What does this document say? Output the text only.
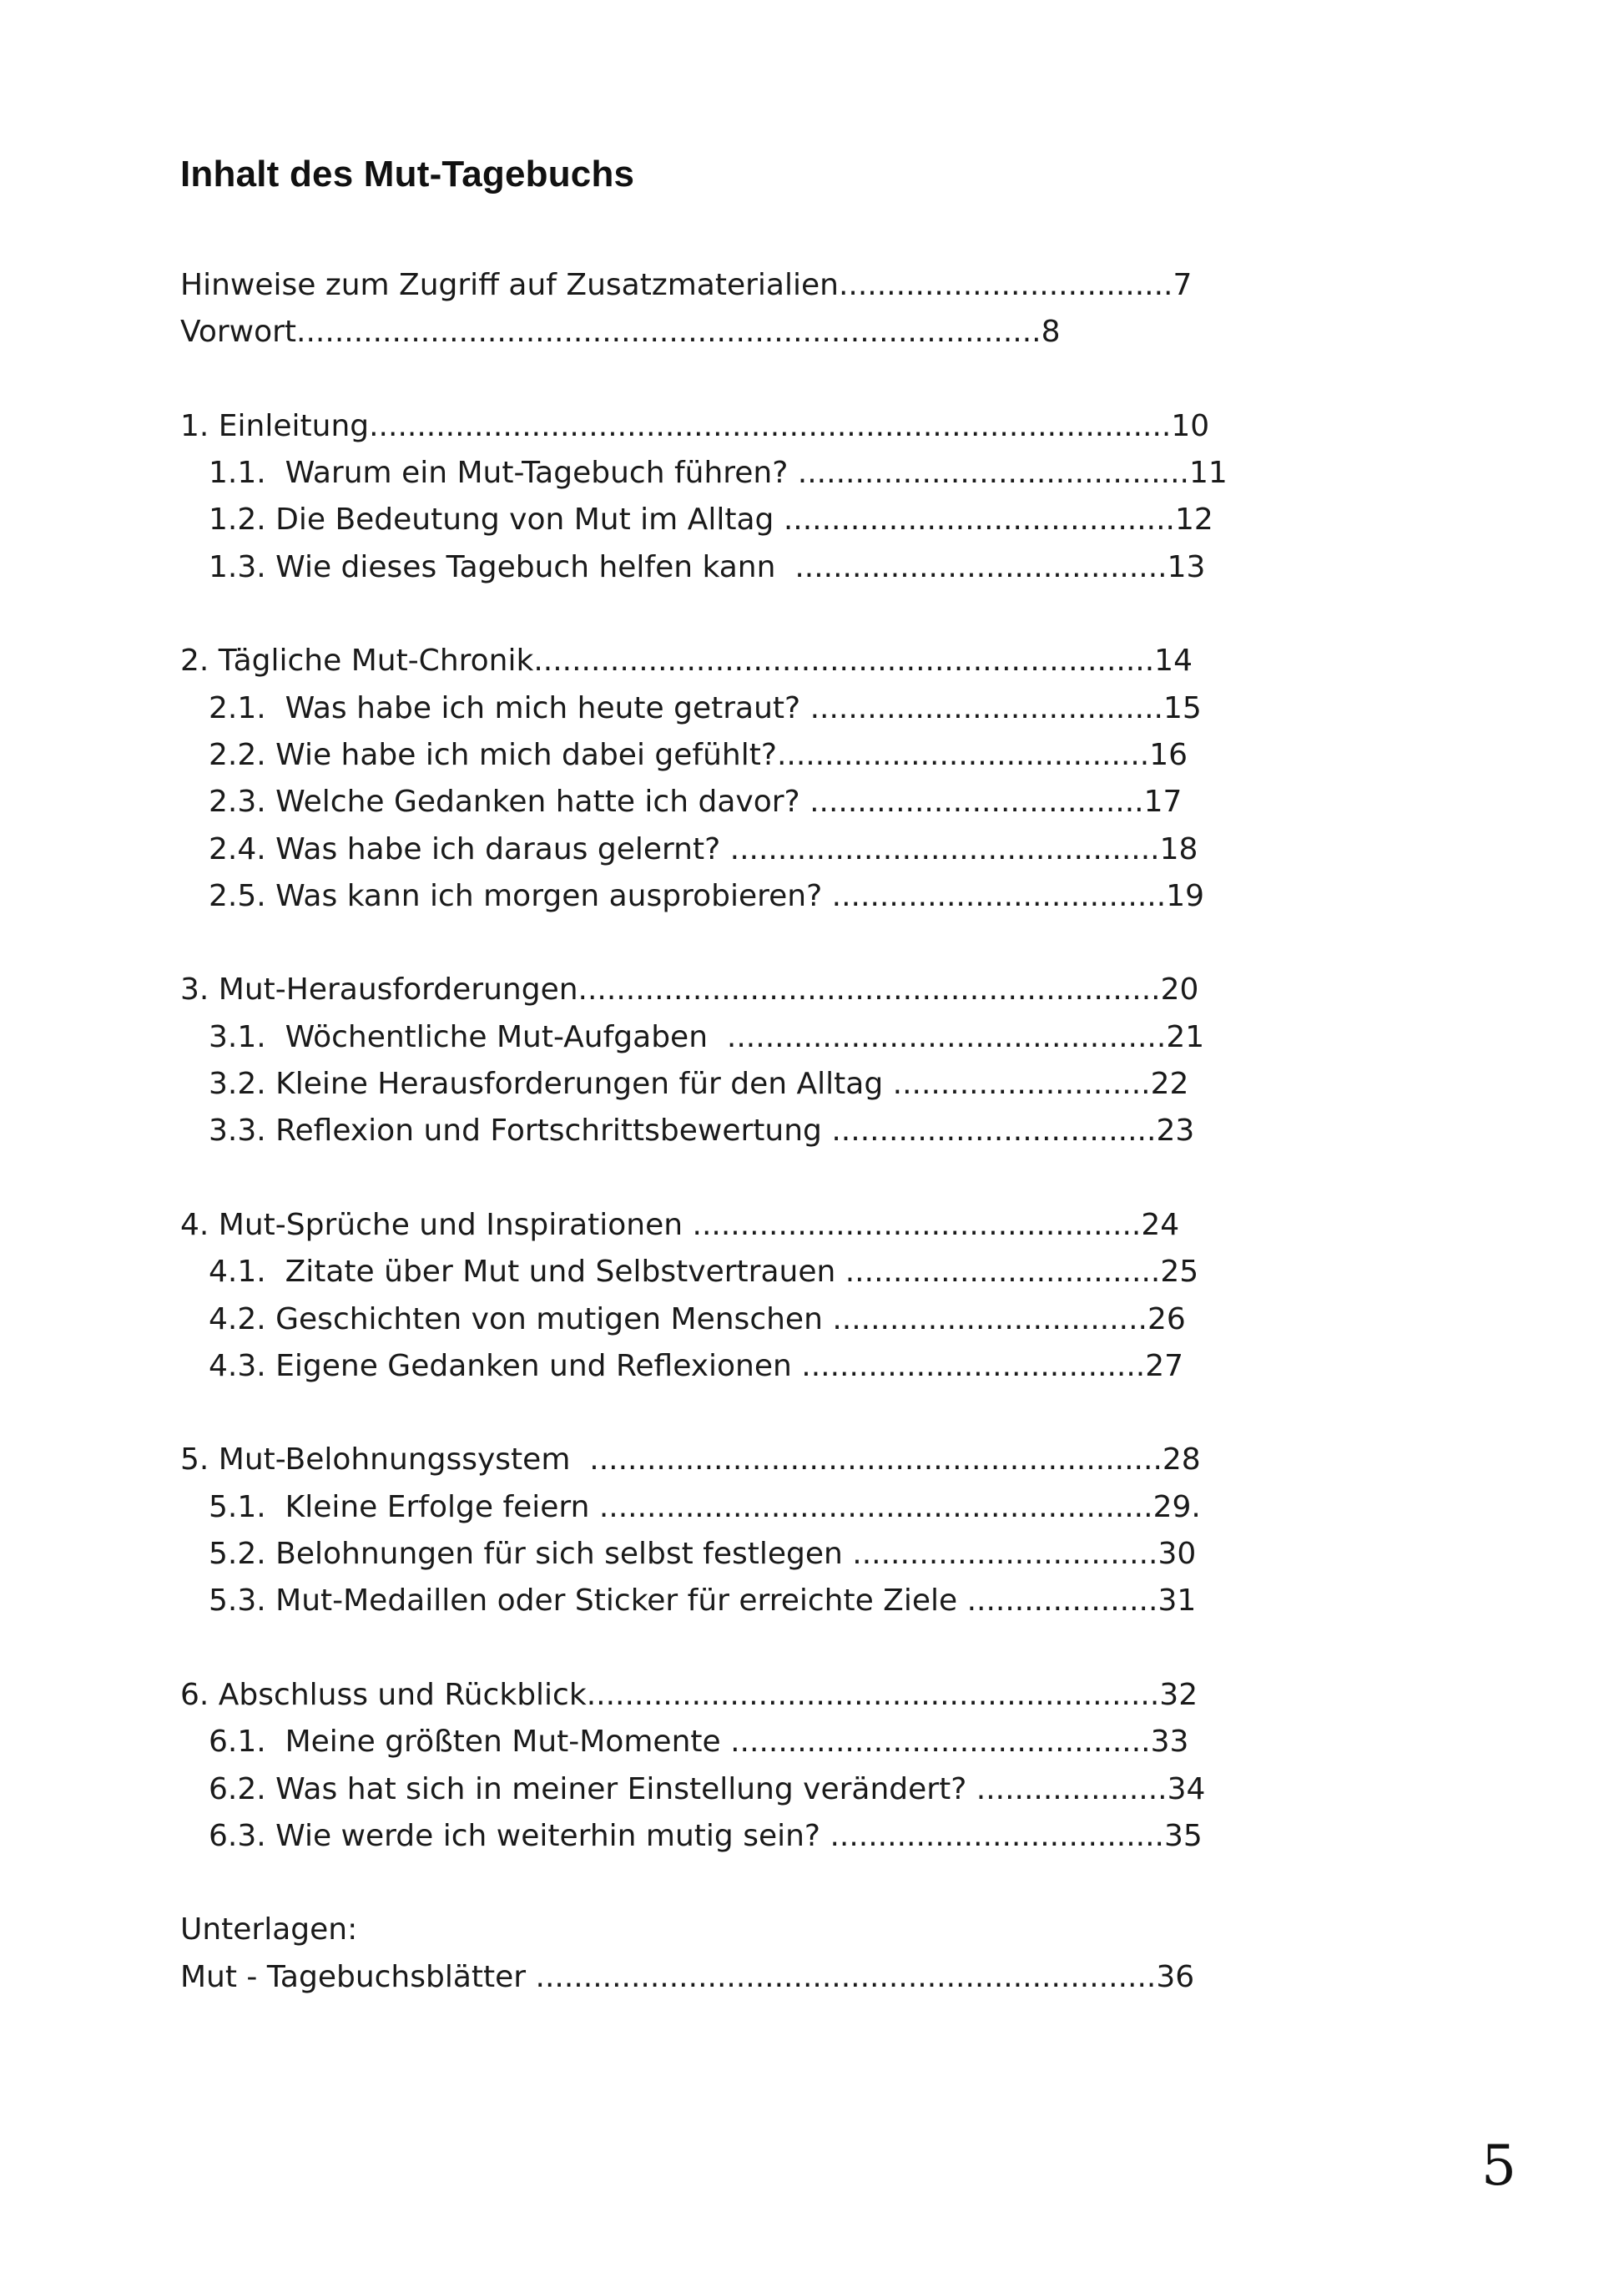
Inhalt des Mut-Tagebuchs
Hinweise zum Zugriff auf Zusatzmaterialien...................................7
Vorwort..............................................................................8
1. Einleitung....................................................................................10
1.1.  Warum ein Mut-Tagebuch führen? .........................................11
1.2. Die Bedeutung von Mut im Alltag .........................................12
1.3. Wie dieses Tagebuch helfen kann  .......................................13
2. Tägliche Mut-Chronik.................................................................14
2.1.  Was habe ich mich heute getraut? .....................................15
2.2. Wie habe ich mich dabei gefühlt?.......................................16
2.3. Welche Gedanken hatte ich davor? ...................................17
2.4. Was habe ich daraus gelernt? .............................................18
2.5. Was kann ich morgen ausprobieren? ...................................19
3. Mut-Herausforderungen.............................................................20
3.1.  Wöchentliche Mut-Aufgaben  ..............................................21
3.2. Kleine Herausforderungen für den Alltag ...........................22
3.3. Reflexion und Fortschrittsbewertung ..................................23
4. Mut-Sprüche und Inspirationen ...............................................24
4.1.  Zitate über Mut und Selbstvertrauen .................................25
4.2. Geschichten von mutigen Menschen .................................26
4.3. Eigene Gedanken und Reflexionen ....................................27
5. Mut-Belohnungssystem  ............................................................28
5.1.  Kleine Erfolge feiern ..........................................................29.
5.2. Belohnungen für sich selbst festlegen ................................30
5.3. Mut-Medaillen oder Sticker für erreichte Ziele ....................31
6. Abschluss und Rückblick............................................................32
6.1.  Meine größten Mut-Momente ............................................33
6.2. Was hat sich in meiner Einstellung verändert? ....................34
6.3. Wie werde ich weiterhin mutig sein? ...................................35
Unterlagen:
Mut - Tagebuchsblätter .................................................................36
5
